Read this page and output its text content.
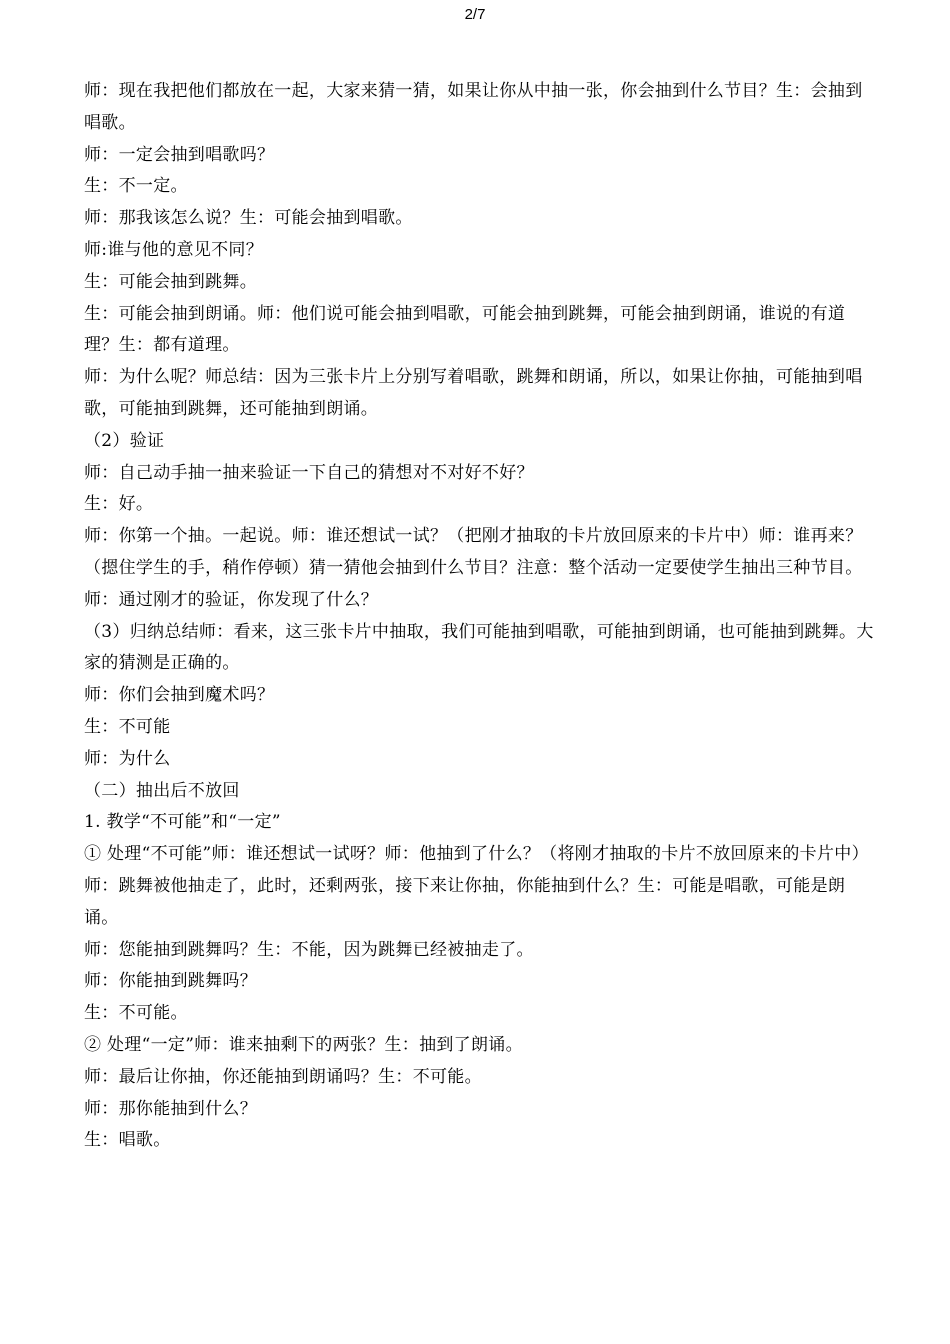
2/7

师：现在我把他们都放在一起，大家来猜一猜，如果让你从中抽一张，你会抽到什么节目？生：会抽到唱歌。

师：一定会抽到唱歌吗？

生：不一定。

师：那我该怎么说？生：可能会抽到唱歌。

师:谁与他的意见不同？

生：可能会抽到跳舞。

生：可能会抽到朗诵。师：他们说可能会抽到唱歌，可能会抽到跳舞，可能会抽到朗诵，谁说的有道理？生：都有道理。

师：为什么呢？师总结：因为三张卡片上分别写着唱歌，跳舞和朗诵，所以，如果让你抽，可能抽到唱歌，可能抽到跳舞，还可能抽到朗诵。

（2）验证

师：自己动手抽一抽来验证一下自己的猜想对不对好不好？

生：好。

师：你第一个抽。一起说。师：谁还想试一试？（把刚才抽取的卡片放回原来的卡片中）师：谁再来？（摁住学生的手，稍作停顿）猜一猜他会抽到什么节目？注意：整个活动一定要使学生抽出三种节目。

师：通过刚才的验证，你发现了什么？

（3）归纳总结师：看来，这三张卡片中抽取，我们可能抽到唱歌，可能抽到朗诵，也可能抽到跳舞。大家的猜测是正确的。

师：你们会抽到魔术吗？

生：不可能

师：为什么

（二）抽出后不放回

1. 教学“不可能”和“一定”

① 处理“不可能”师：谁还想试一试呀？师：他抽到了什么？（将刚才抽取的卡片不放回原来的卡片中）师：跳舞被他抽走了，此时，还剩两张，接下来让你抽，你能抽到什么？生：可能是唱歌，可能是朗诵。

师：您能抽到跳舞吗？生：不能，因为跳舞已经被抽走了。

师：你能抽到跳舞吗？

生：不可能。

② 处理“一定”师：谁来抽剩下的两张？生：抽到了朗诵。

师：最后让你抽，你还能抽到朗诵吗？生：不可能。

师：那你能抽到什么？

生：唱歌。
